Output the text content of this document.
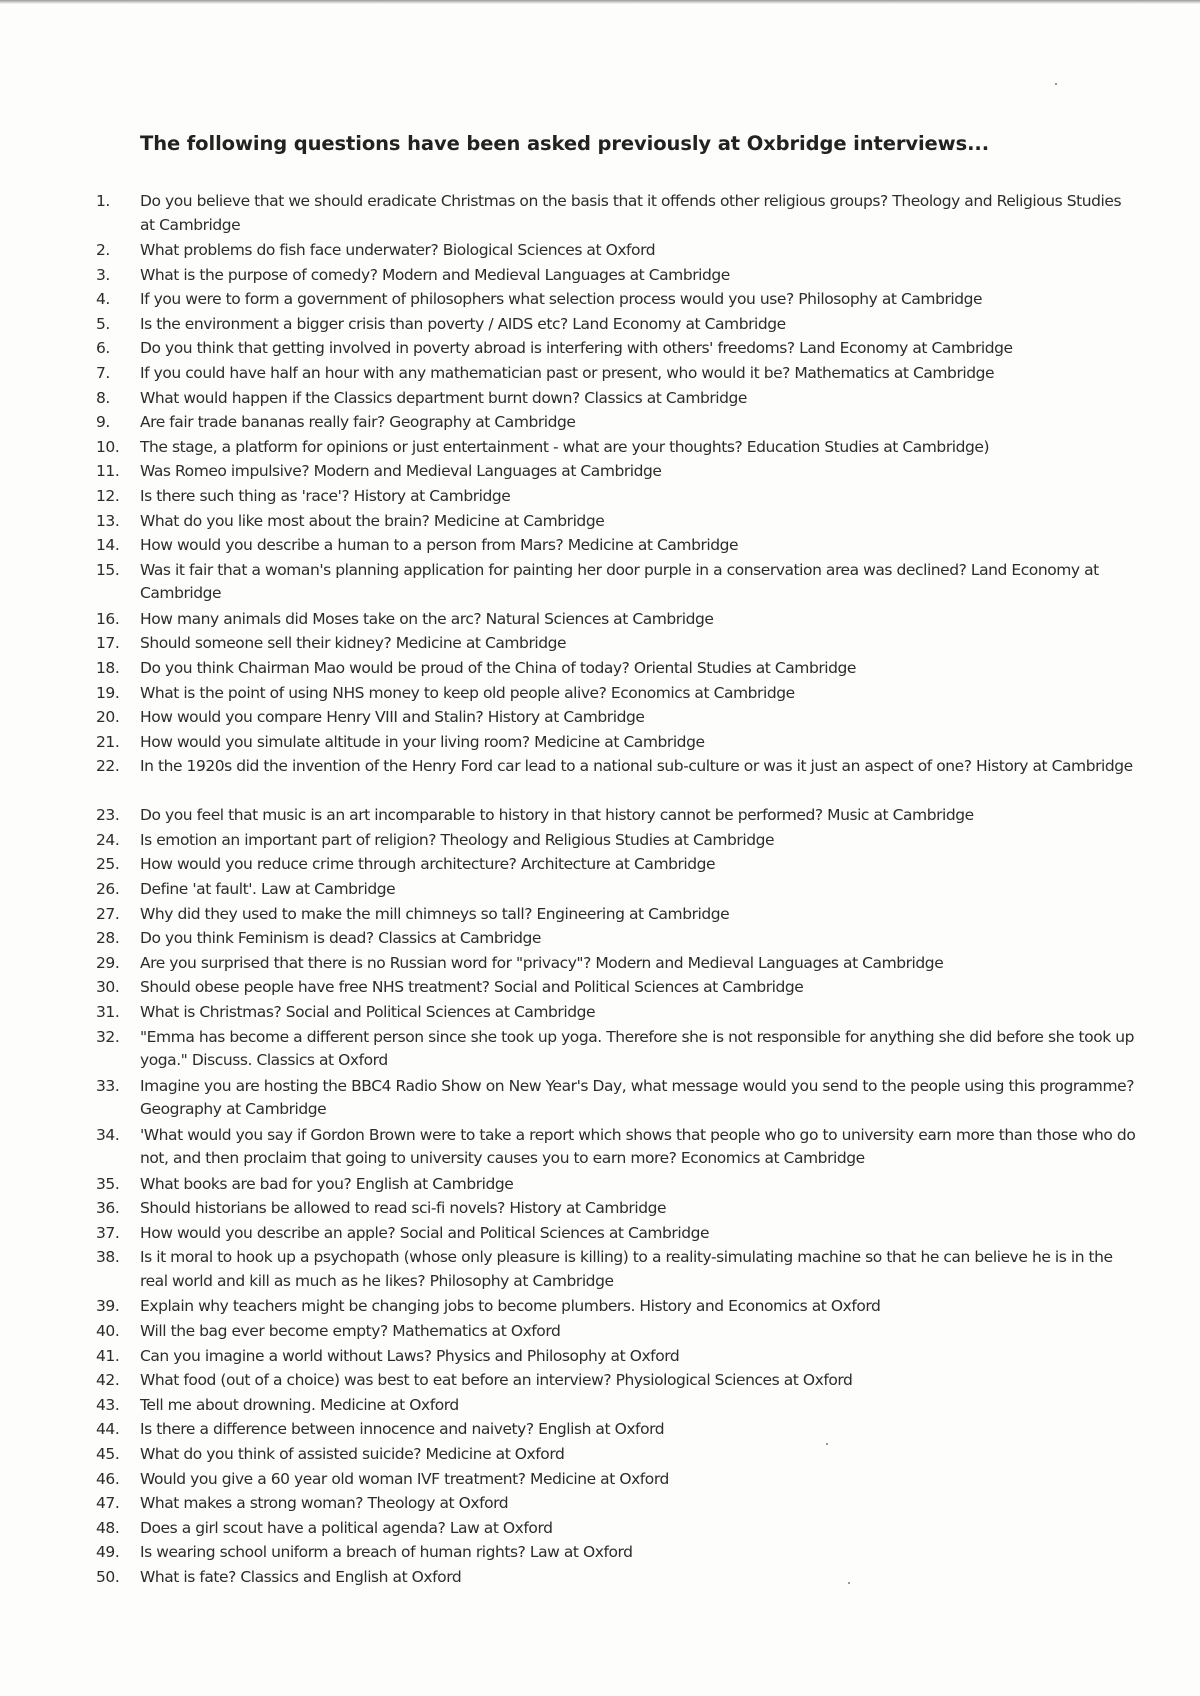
The following questions have been asked previously at Oxbridge interviews...
1.	Do you believe that we should eradicate Christmas on the basis that it offends other religious groups? Theology and Religious Studies at Cambridge
2.	What problems do fish face underwater? Biological Sciences at Oxford
3.	What is the purpose of comedy? Modern and Medieval Languages at Cambridge
4.	If you were to form a government of philosophers what selection process would you use? Philosophy at Cambridge
5.	Is the environment a bigger crisis than poverty / AIDS etc? Land Economy at Cambridge
6.	Do you think that getting involved in poverty abroad is interfering with others' freedoms? Land Economy at Cambridge
7.	If you could have half an hour with any mathematician past or present, who would it be? Mathematics at Cambridge
8.	What would happen if the Classics department burnt down? Classics at Cambridge
9.	Are fair trade bananas really fair? Geography at Cambridge
10.	The stage, a platform for opinions or just entertainment - what are your thoughts? Education Studies at Cambridge)
11.	Was Romeo impulsive? Modern and Medieval Languages at Cambridge
12.	Is there such thing as 'race'? History at Cambridge
13.	What do you like most about the brain? Medicine at Cambridge
14.	How would you describe a human to a person from Mars? Medicine at Cambridge
15.	Was it fair that a woman's planning application for painting her door purple in a conservation area was declined? Land Economy at Cambridge
16.	How many animals did Moses take on the arc? Natural Sciences at Cambridge
17.	Should someone sell their kidney? Medicine at Cambridge
18.	Do you think Chairman Mao would be proud of the China of today? Oriental Studies at Cambridge
19.	What is the point of using NHS money to keep old people alive? Economics at Cambridge
20.	How would you compare Henry VIII and Stalin? History at Cambridge
21.	How would you simulate altitude in your living room? Medicine at Cambridge
22.	In the 1920s did the invention of the Henry Ford car lead to a national sub-culture or was it just an aspect of one? History at Cambridge
23.	Do you feel that music is an art incomparable to history in that history cannot be performed? Music at Cambridge
24.	Is emotion an important part of religion? Theology and Religious Studies at Cambridge
25.	How would you reduce crime through architecture? Architecture at Cambridge
26.	Define 'at fault'. Law at Cambridge
27.	Why did they used to make the mill chimneys so tall? Engineering at Cambridge
28.	Do you think Feminism is dead? Classics at Cambridge
29.	Are you surprised that there is no Russian word for "privacy"? Modern and Medieval Languages at Cambridge
30.	Should obese people have free NHS treatment? Social and Political Sciences at Cambridge
31.	What is Christmas? Social and Political Sciences at Cambridge
32.	"Emma has become a different person since she took up yoga. Therefore she is not responsible for anything she did before she took up yoga." Discuss. Classics at Oxford
33.	Imagine you are hosting the BBC4 Radio Show on New Year's Day, what message would you send to the people using this programme? Geography at Cambridge
34.	'What would you say if Gordon Brown were to take a report which shows that people who go to university earn more than those who do not, and then proclaim that going to university causes you to earn more? Economics at Cambridge
35.	What books are bad for you? English at Cambridge
36.	Should historians be allowed to read sci-fi novels? History at Cambridge
37.	How would you describe an apple? Social and Political Sciences at Cambridge
38.	Is it moral to hook up a psychopath (whose only pleasure is killing) to a reality-simulating machine so that he can believe he is in the real world and kill as much as he likes? Philosophy at Cambridge
39.	Explain why teachers might be changing jobs to become plumbers. History and Economics at Oxford
40.	Will the bag ever become empty? Mathematics at Oxford
41.	Can you imagine a world without Laws? Physics and Philosophy at Oxford
42.	What food (out of a choice) was best to eat before an interview? Physiological Sciences at Oxford
43.	Tell me about drowning. Medicine at Oxford
44.	Is there a difference between innocence and naivety? English at Oxford
45.	What do you think of assisted suicide? Medicine at Oxford
46.	Would you give a 60 year old woman IVF treatment? Medicine at Oxford
47.	What makes a strong woman? Theology at Oxford
48.	Does a girl scout have a political agenda? Law at Oxford
49.	Is wearing school uniform a breach of human rights? Law at Oxford
50.	What is fate? Classics and English at Oxford
